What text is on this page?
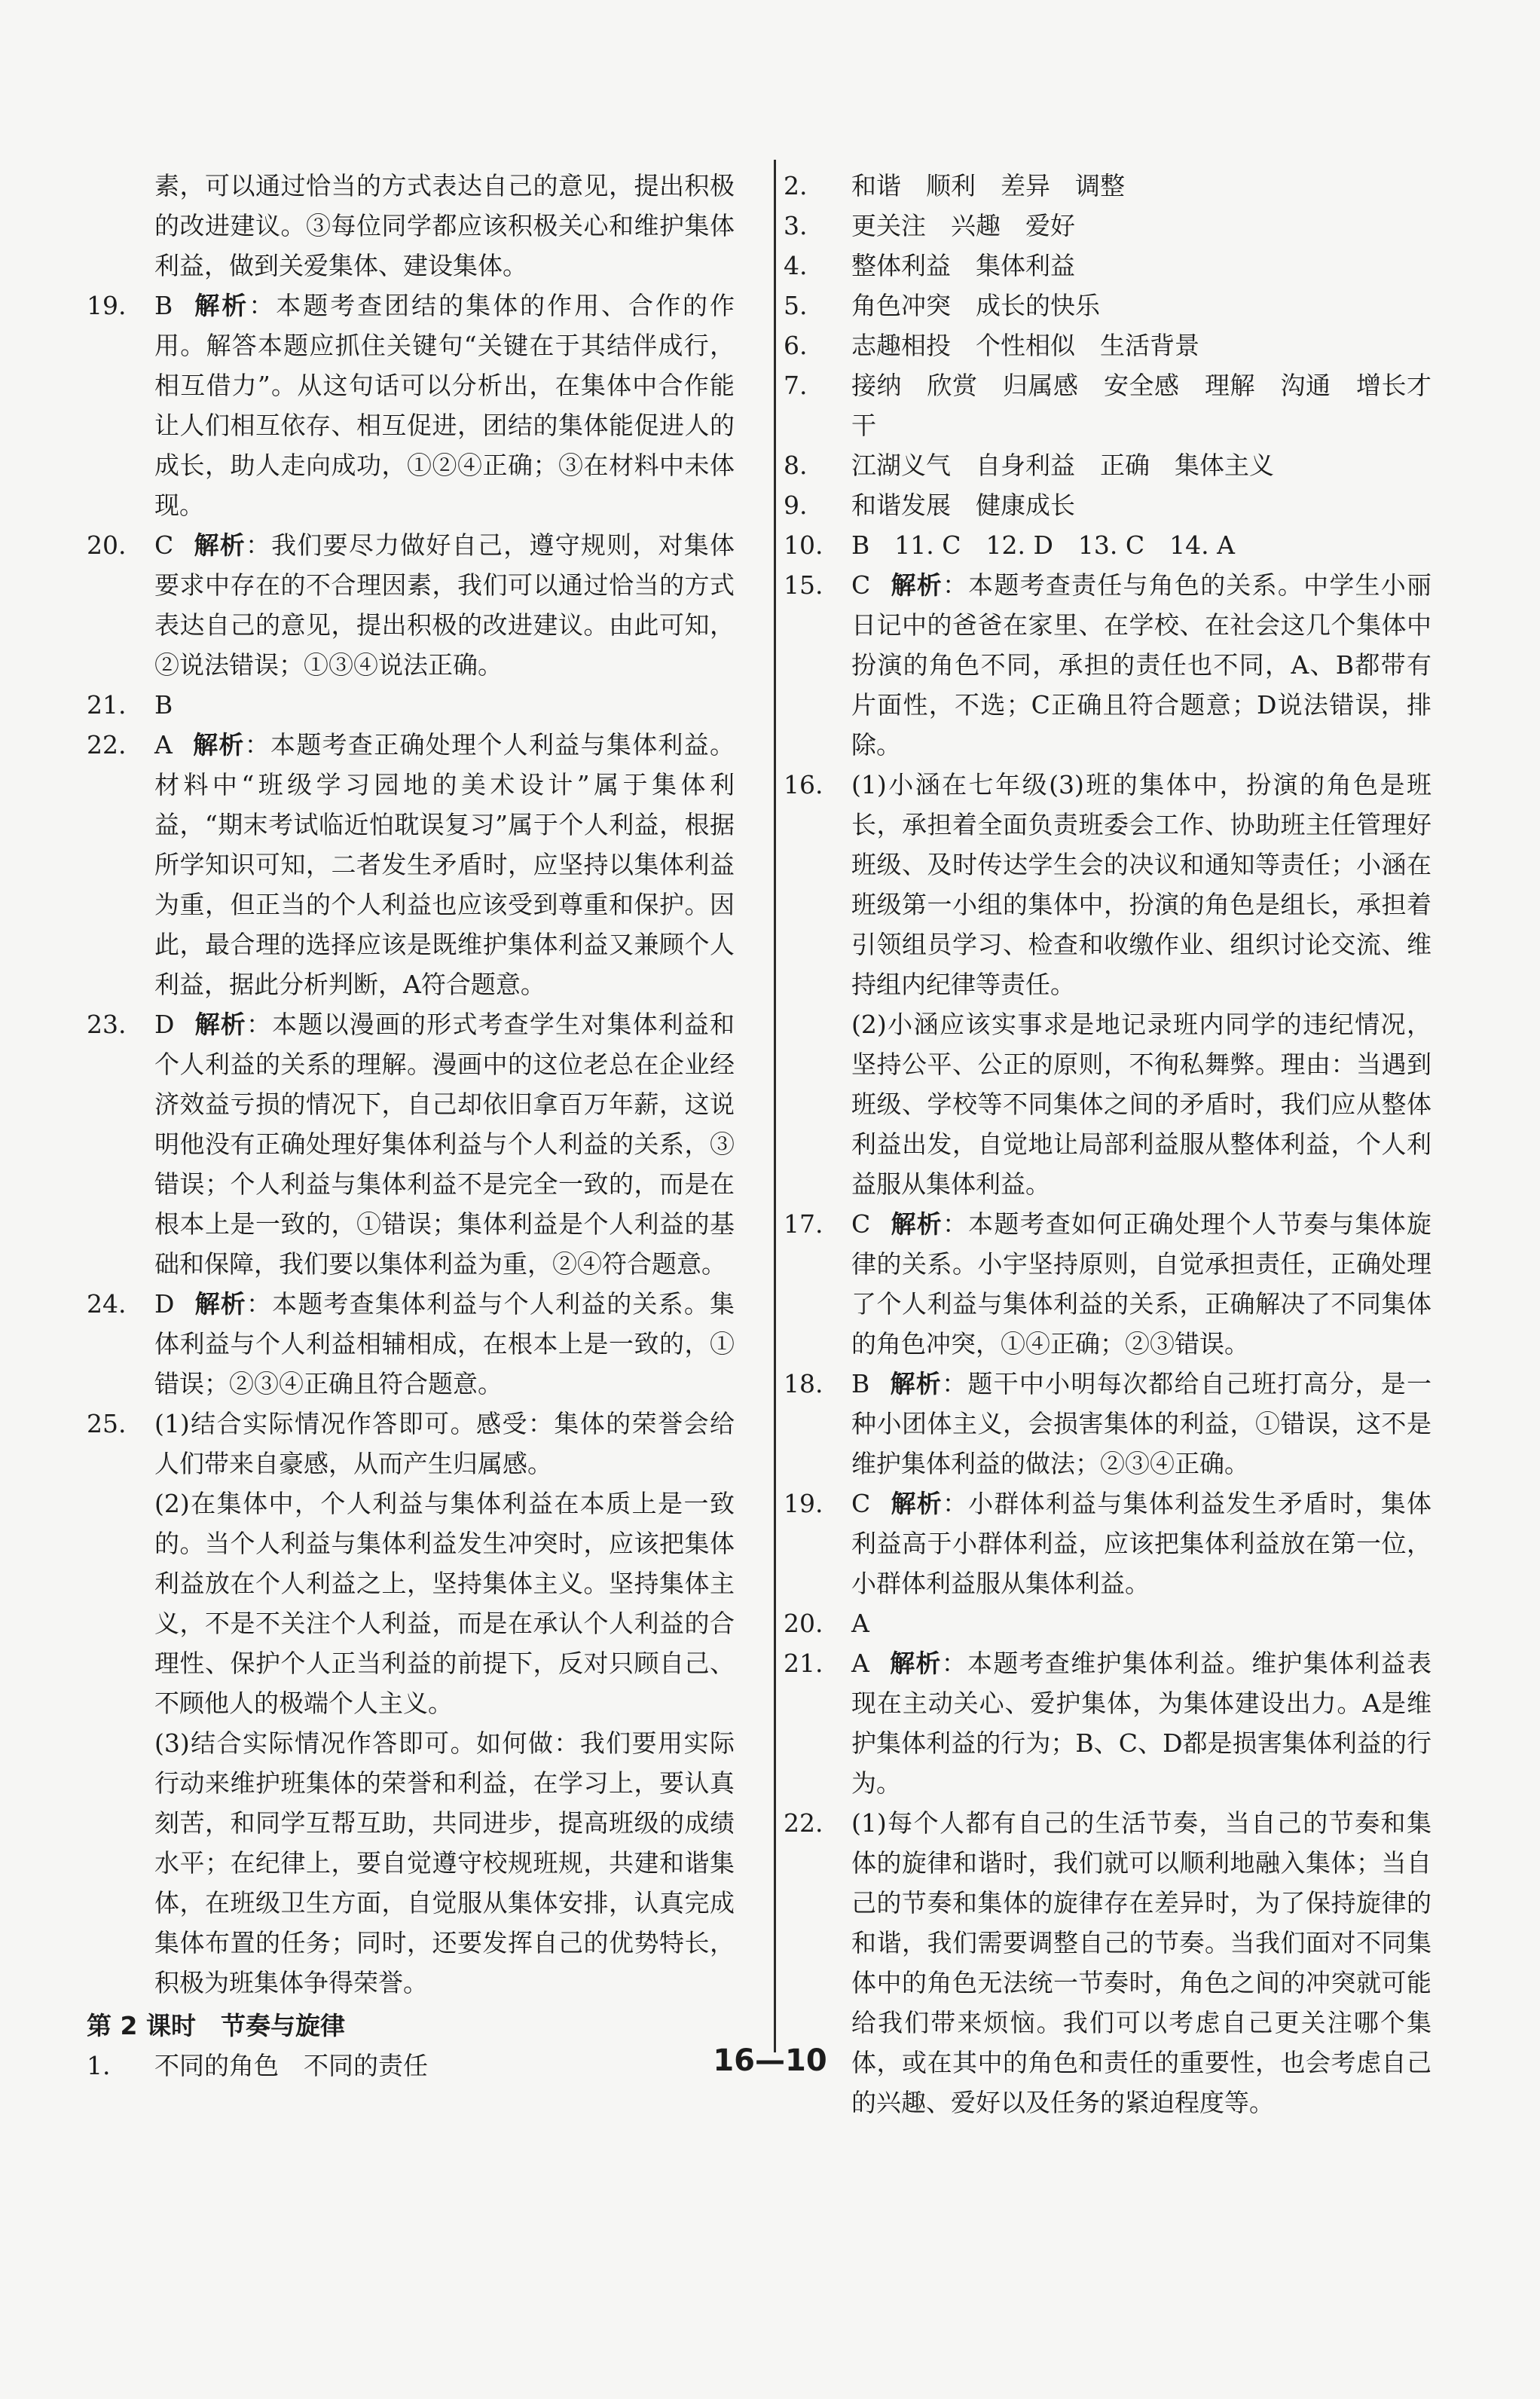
素，可以通过恰当的方式表达自己的意见，提出积极的改进建议。③每位同学都应该积极关心和维护集体利益，做到关爱集体、建设集体。

19.	B 解析：本题考查团结的集体的作用、合作的作用。解答本题应抓住关键句“关键在于其结伴成行，相互借力”。从这句话可以分析出，在集体中合作能让人们相互依存、相互促进，团结的集体能促进人的成长，助人走向成功，①②④正确；③在材料中未体现。

20.	C 解析：我们要尽力做好自己，遵守规则，对集体要求中存在的不合理因素，我们可以通过恰当的方式表达自己的意见，提出积极的改进建议。由此可知，②说法错误；①③④说法正确。

21.	B

22.	A 解析：本题考查正确处理个人利益与集体利益。材料中“班级学习园地的美术设计”属于集体利益，“期末考试临近怕耽误复习”属于个人利益，根据所学知识可知，二者发生矛盾时，应坚持以集体利益为重，但正当的个人利益也应该受到尊重和保护。因此，最合理的选择应该是既维护集体利益又兼顾个人利益，据此分析判断，A符合题意。

23.	D 解析：本题以漫画的形式考查学生对集体利益和个人利益的关系的理解。漫画中的这位老总在企业经济效益亏损的情况下，自己却依旧拿百万年薪，这说明他没有正确处理好集体利益与个人利益的关系，③错误；个人利益与集体利益不是完全一致的，而是在根本上是一致的，①错误；集体利益是个人利益的基础和保障，我们要以集体利益为重，②④符合题意。

24.	D 解析：本题考查集体利益与个人利益的关系。集体利益与个人利益相辅相成，在根本上是一致的，①错误；②③④正确且符合题意。

25.	(1)结合实际情况作答即可。感受：集体的荣誉会给人们带来自豪感，从而产生归属感。

(2)在集体中，个人利益与集体利益在本质上是一致的。当个人利益与集体利益发生冲突时，应该把集体利益放在个人利益之上，坚持集体主义。坚持集体主义，不是不关注个人利益，而是在承认个人利益的合理性、保护个人正当利益的前提下，反对只顾自己、不顾他人的极端个人主义。

(3)结合实际情况作答即可。如何做：我们要用实际行动来维护班集体的荣誉和利益，在学习上，要认真刻苦，和同学互帮互助，共同进步，提高班级的成绩水平；在纪律上，要自觉遵守校规班规，共建和谐集体，在班级卫生方面，自觉服从集体安排，认真完成集体布置的任务；同时，还要发挥自己的优势特长，积极为班集体争得荣誉。

第 2 课时　节奏与旋律
1.	不同的角色　不同的责任

2.	和谐　顺利　差异　调整

3.	更关注　兴趣　爱好

4.	整体利益　集体利益

5.	角色冲突　成长的快乐

6.	志趣相投　个性相似　生活背景

7.	接纳　欣赏　归属感　安全感　理解　沟通　增长才干

8.	江湖义气　自身利益　正确　集体主义

9.	和谐发展　健康成长

10.	B　11. C　12. D　13. C　14. A

15.	C 解析：本题考查责任与角色的关系。中学生小丽日记中的爸爸在家里、在学校、在社会这几个集体中扮演的角色不同，承担的责任也不同，A、B都带有片面性，不选；C正确且符合题意；D说法错误，排除。

16.	(1)小涵在七年级(3)班的集体中，扮演的角色是班长，承担着全面负责班委会工作、协助班主任管理好班级、及时传达学生会的决议和通知等责任；小涵在班级第一小组的集体中，扮演的角色是组长，承担着引领组员学习、检查和收缴作业、组织讨论交流、维持组内纪律等责任。

(2)小涵应该实事求是地记录班内同学的违纪情况，坚持公平、公正的原则，不徇私舞弊。理由：当遇到班级、学校等不同集体之间的矛盾时，我们应从整体利益出发，自觉地让局部利益服从整体利益，个人利益服从集体利益。

17.	C 解析：本题考查如何正确处理个人节奏与集体旋律的关系。小宇坚持原则，自觉承担责任，正确处理了个人利益与集体利益的关系，正确解决了不同集体的角色冲突，①④正确；②③错误。

18.	B 解析：题干中小明每次都给自己班打高分，是一种小团体主义，会损害集体的利益，①错误，这不是维护集体利益的做法；②③④正确。

19.	C 解析：小群体利益与集体利益发生矛盾时，集体利益高于小群体利益，应该把集体利益放在第一位，小群体利益服从集体利益。

20.	A

21.	A 解析：本题考查维护集体利益。维护集体利益表现在主动关心、爱护集体，为集体建设出力。A是维护集体利益的行为；B、C、D都是损害集体利益的行为。

22.	(1)每个人都有自己的生活节奏，当自己的节奏和集体的旋律和谐时，我们就可以顺利地融入集体；当自己的节奏和集体的旋律存在差异时，为了保持旋律的和谐，我们需要调整自己的节奏。当我们面对不同集体中的角色无法统一节奏时，角色之间的冲突就可能给我们带来烦恼。我们可以考虑自己更关注哪个集体，或在其中的角色和责任的重要性，也会考虑自己的兴趣、爱好以及任务的紧迫程度等。

16—10
